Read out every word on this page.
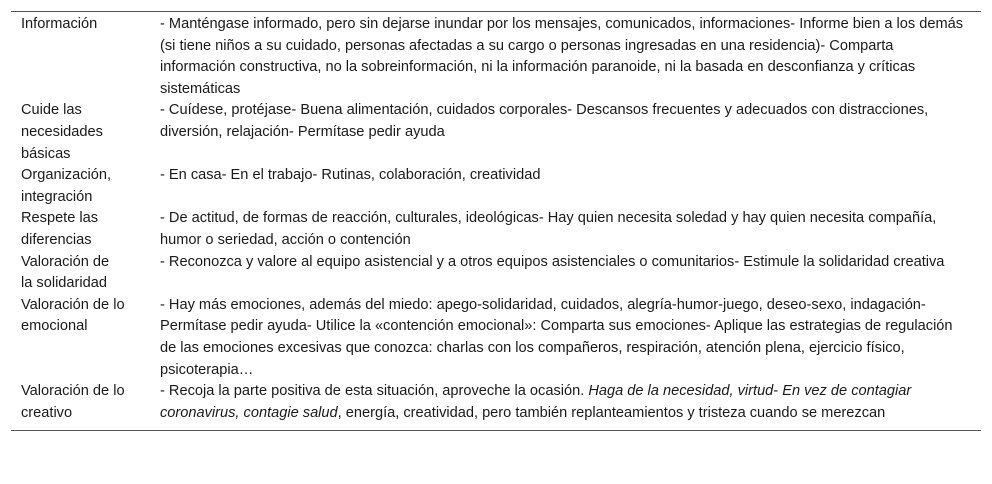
Información	- Manténgase informado, pero sin dejarse inundar por los mensajes, comunicados, informaciones- Informe bien a los demás (si tiene niños a su cuidado, personas afectadas a su cargo o personas ingresadas en una residencia)- Comparta información constructiva, no la sobreinformación, ni la información paranoide, ni la basada en desconfianza y críticas sistemáticas

Cuide las necesidades básicas	- Cuídese, protéjase- Buena alimentación, cuidados corporales- Descansos frecuentes y adecuados con distracciones, diversión, relajación- Permítase pedir ayuda
Organización, integración	- En casa- En el trabajo- Rutinas, colaboración, creatividad

Respete las diferencias	- De actitud, de formas de reacción, culturales, ideológicas- Hay quien necesita soledad y hay quien necesita compañía, humor o seriedad, acción o contención

Valoración de la solidaridad	- Reconozca y valore al equipo asistencial y a otros equipos asistenciales o comunitarios- Estimule la solidaridad creativa

Valoración de lo emocional	- Hay más emociones, además del miedo: apego-solidaridad, cuidados, alegría-humor-juego, deseo-sexo, indagación- Permítase pedir ayuda- Utilice la «contención emocional»: Comparta sus emociones- Aplique las estrategias de regulación de las emociones excesivas que conozca: charlas con los compañeros, respiración, atención plena, ejercicio físico, psicoterapia…

Valoración de lo creativo	- Recoja la parte positiva de esta situación, aproveche la ocasión. Haga de la necesidad, virtud- En vez de contagiar coronavirus, contagie salud, energía, creatividad, pero también replanteamientos y tristeza cuando se merezcan
